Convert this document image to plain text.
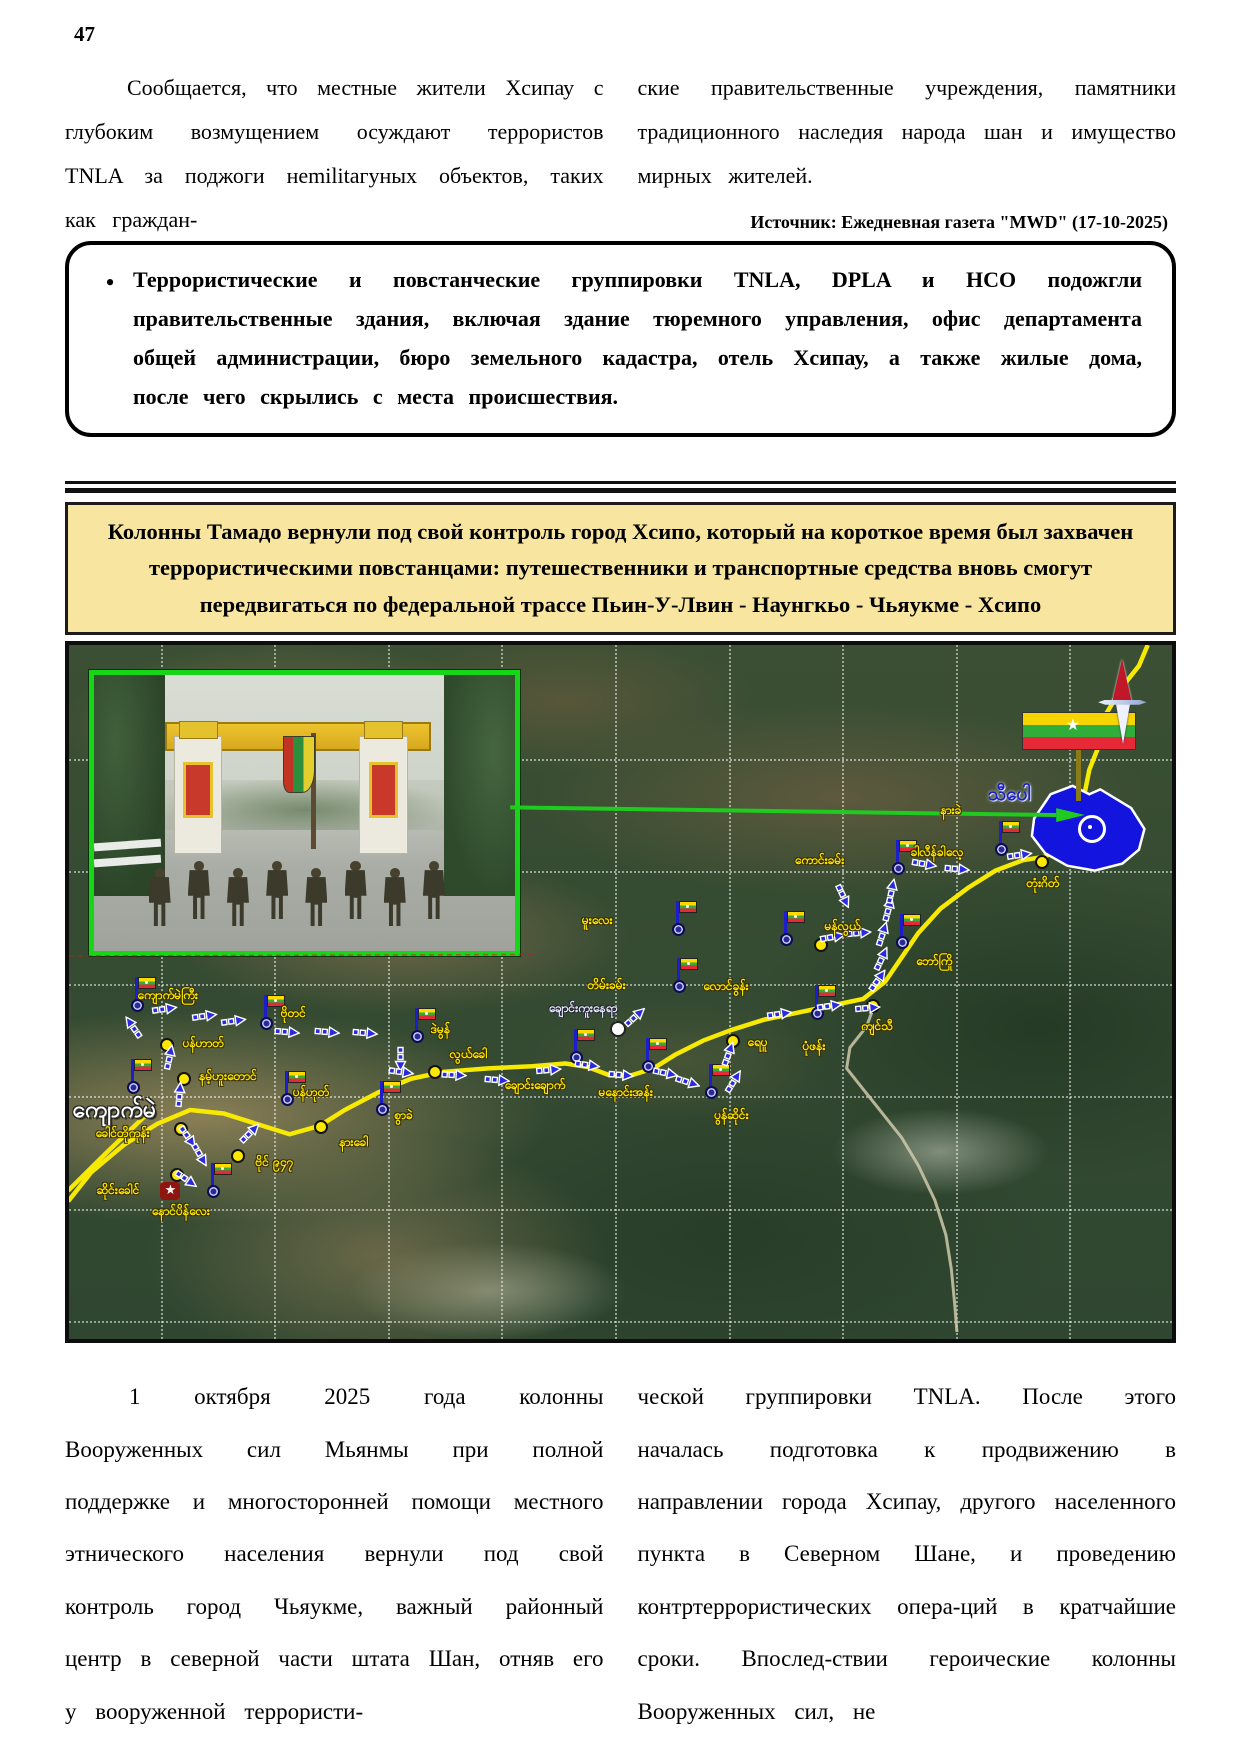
47

Сообщается, что местные жители Хсипау с глубоким возмущением осуждают террористов TNLA за поджоги неmilitaгуных объектов, таких как граждан-

ские правительственные учреждения, памятники традиционного наследия народа шан и имущество мирных жителей.

Источник: Ежедневная газета "MWD" (17-10-2025)
• Террористические и повстанческие группировки TNLA, DPLA и НСО подожгли правительственные здания, включая здание тюремного управления, офис департамента общей администрации, бюро земельного кадастра, отель Хсипау, а также жилые дома, после чего скрылись с места происшествия.

Колонны Тамадо вернули под свой контроль город Хсипо, который на короткое время был захвачен террористическими повстанцами: путешественники и транспортные средства вновь смогут передвигаться по федеральной трассе Пьин-У-Лвин - Наунгкьо - Чьяукме - Хсипо
★
★
ကျောက်မဲကြီး
ဗိုတင်
ပန်ဟာတ်
နမ့်ဟူးတောင်
ကျောက်မဲ
ခေါင်တိုကုန်း
ပန်ဟုတ်
စွာခဲ
နားခေါ
ဆိုင်းခေါင်
နောင်ပိန်လေး
ဗိုင် ၉၄၇
ဒဲမွန်
မူးလေး
တိမ်းခမ်း
ချောင်းကူးနေရာ
လွယ်ခေါ
ချောင်းချောက်	မနောင်းအန်း
ပွန်ဆိုင်း
လောင်ခွန်း
ရေပူ	ပုံဖန်း
ကျင်သီ
မန်လွယ်
ကောင်းခမ်း
ခါလီန်ခါလေ့
ဘော်ကြို
တုံးဂိတ်
နားခဲ
သီပေါ

1 октября 2025 года колонны Вооруженных сил Мьянмы при полной поддержке и многосторонней помощи местного этнического населения вернули под свой контроль город Чьяукме, важный районный центр в северной части штата Шан, отняв его у вооруженной террористи-

ческой группировки TNLA. После этого началась подготовка к продвижению в направлении города Хсипау, другого населенного пункта в Северном Шане, и проведению контртеррористических опера-ций в кратчайшие сроки. Впослед-ствии героические колонны Вооруженных сил, не
